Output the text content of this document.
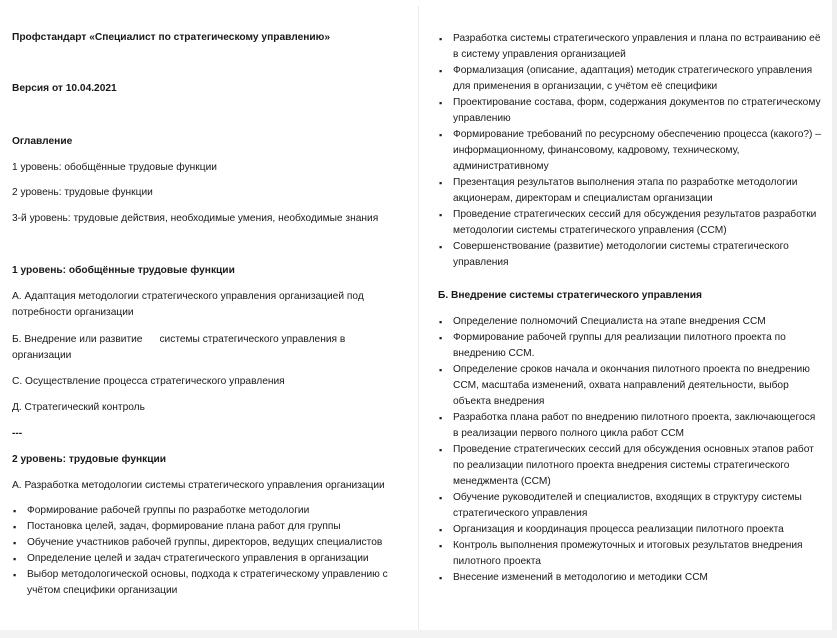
Профстандарт «Специалист по стратегическому управлению»

Версия от 10.04.2021

Оглавление

1 уровень: обобщённые трудовые функции

2 уровень: трудовые функции

3-й уровень: трудовые действия, необходимые умения, необходимые знания

1 уровень: обобщённые трудовые функции

А. Адаптация методологии стратегического управления организацией под потребности организации

Б. Внедрение или развитие      системы стратегического управления в организации

С. Осуществление процесса стратегического управления

Д. Стратегический контроль

---

2 уровень: трудовые функции

А. Разработка методологии системы стратегического управления организации

▪ Формирование рабочей группы по разработке методологии
▪ Постановка целей, задач, формирование плана работ для группы
▪ Обучение участников рабочей группы, директоров, ведущих специалистов
▪ Определение целей и задач стратегического управления в организации
▪ Выбор методологической основы, подхода к стратегическому управлению с учётом специфики организации
▪ Разработка системы стратегического управления и плана по встраиванию её в систему управления организацией
▪ Формализация (описание, адаптация) методик стратегического управления для применения в организации, с учётом её специфики
▪ Проектирование состава, форм, содержания документов по стратегическому управлению
▪ Формирование требований по ресурсному обеспечению процесса (какого?) – информационному, финансовому, кадровому, техническому, административному
▪ Презентация результатов выполнения этапа по разработке методологии акционерам, директорам и специалистам организации
▪ Проведение стратегических сессий для обсуждения результатов разработки методологии системы стратегического управления (ССМ)
▪ Совершенствование (развитие) методологии системы стратегического управления

Б. Внедрение системы стратегического управления

▪ Определение полномочий Специалиста на этапе внедрения ССМ
▪ Формирование рабочей группы для реализации пилотного проекта по внедрению ССМ.
▪ Определение сроков начала и окончания пилотного проекта по внедрению ССМ, масштаба изменений, охвата направлений деятельности, выбор объекта внедрения
▪ Разработка плана работ по внедрению пилотного проекта, заключающегося в реализации первого полного цикла работ ССМ
▪ Проведение стратегических сессий для обсуждения основных этапов работ по реализации пилотного проекта внедрения системы стратегического менеджмента (ССМ)
▪ Обучение руководителей и специалистов, входящих в структуру системы стратегического управления
▪ Организация и координация процесса реализации пилотного проекта
▪ Контроль выполнения промежуточных и итоговых результатов внедрения пилотного проекта
▪ Внесение изменений в методологию и методики ССМ
